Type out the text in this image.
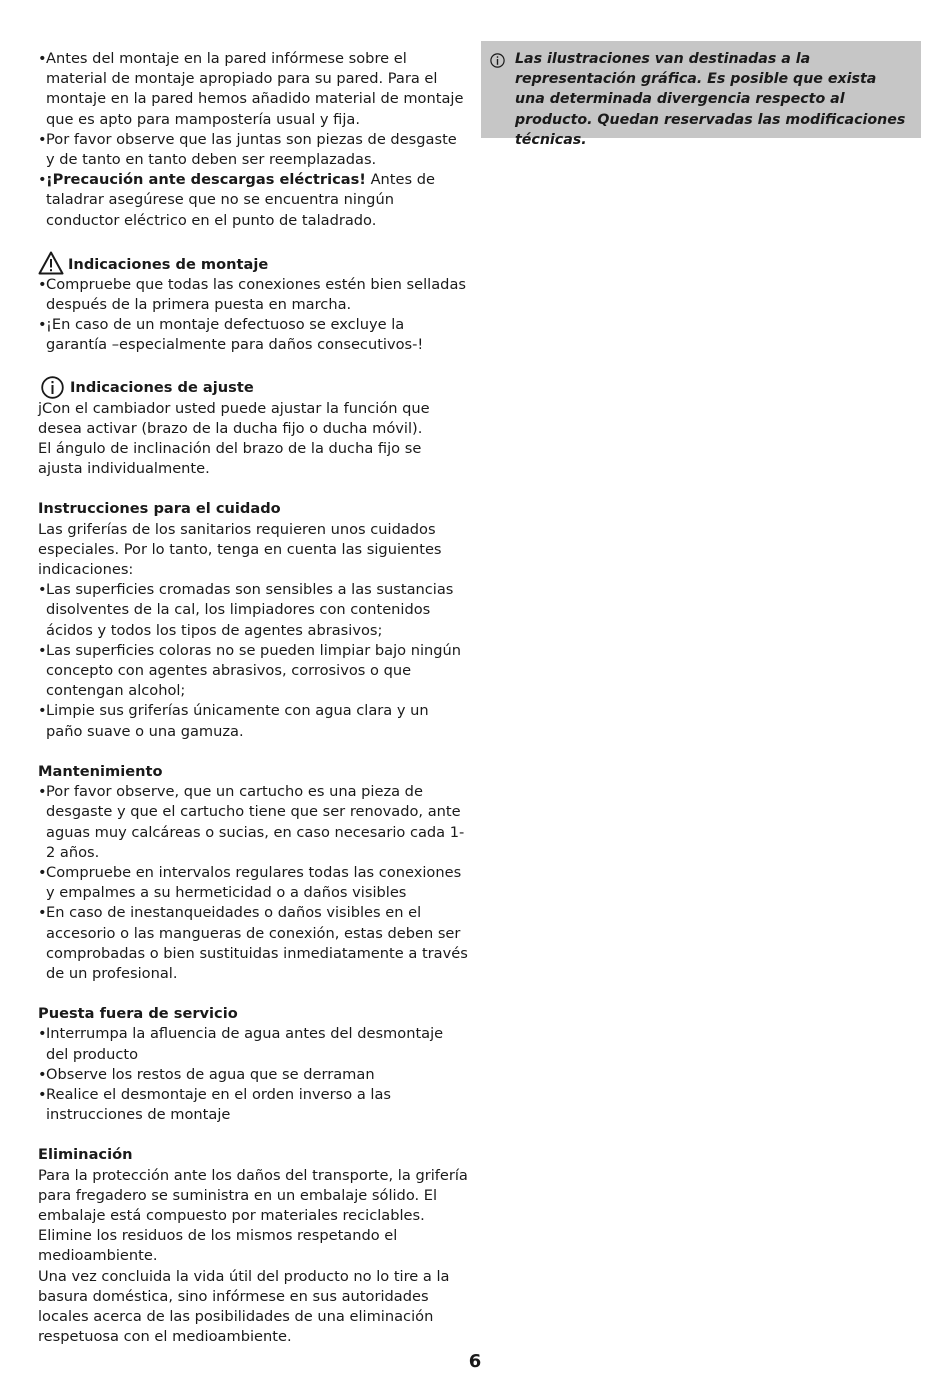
• Antes del montaje en la pared infórmese sobre el material de montaje apropiado para su pared. Para el montaje en la pared hemos añadido material de montaje que es apto para mampostería usual y fija.
• Por favor observe que las juntas son piezas de desgaste y de tanto en tanto deben ser reemplazadas.
• ¡Precaución ante descargas eléctricas! Antes de taladrar asegúrese que no se encuentra ningún conductor eléctrico en el punto de taladrado.
Indicaciones de montaje
• Compruebe que todas las conexiones estén bien selladas después de la primera puesta en marcha.
• ¡En caso de un montaje defectuoso se excluye la garantía –especialmente para daños consecutivos-!
Indicaciones de ajuste

jCon el cambiador usted puede ajustar la función que desea activar (brazo de la ducha fijo o ducha móvil).

El ángulo de inclinación del brazo de la ducha fijo se ajusta individualmente.

Instrucciones para el cuidado

Las griferías de los sanitarios requieren unos cuidados especiales. Por lo tanto, tenga en cuenta las siguientes indicaciones:

• Las superficies cromadas son sensibles a las sustancias disolventes de la cal, los limpiadores con contenidos ácidos y todos los tipos de agentes abrasivos;
• Las superficies coloras no se pueden limpiar bajo ningún concepto con agentes abrasivos, corrosivos o que contengan alcohol;
• Limpie sus griferías únicamente con agua clara y un paño suave o una gamuza.

Mantenimiento

• Por favor observe, que un cartucho es una pieza de desgaste y que el cartucho tiene que ser renovado, ante aguas muy calcáreas o sucias, en caso necesario cada 1-2 años.
• Compruebe en intervalos regulares todas las conexiones y empalmes a su hermeticidad o a daños visibles
• En caso de inestanqueidades o daños visibles en el accesorio o las mangueras de conexión, estas deben ser comprobadas o bien sustituidas inmediatamente a través de un profesional.

Puesta fuera de servicio

• Interrumpa la afluencia de agua antes del desmontaje del producto
• Observe los restos de agua que se derraman
• Realice el desmontaje en el orden inverso a las instrucciones de montaje

Eliminación

Para la protección ante los daños del transporte, la grifería para fregadero se suministra en un embalaje sólido. El embalaje está compuesto por materiales reciclables. Elimine los residuos de los mismos respetando el medioambiente.

Una vez concluida la vida útil del producto no lo tire a la basura doméstica, sino infórmese en sus autoridades locales acerca de las posibilidades de una eliminación respetuosa con el medioambiente.

Las ilustraciones van destinadas a la representación gráfica. Es posible que exista una determinada divergencia respecto al producto. Quedan reservadas las modificaciones técnicas.
6
